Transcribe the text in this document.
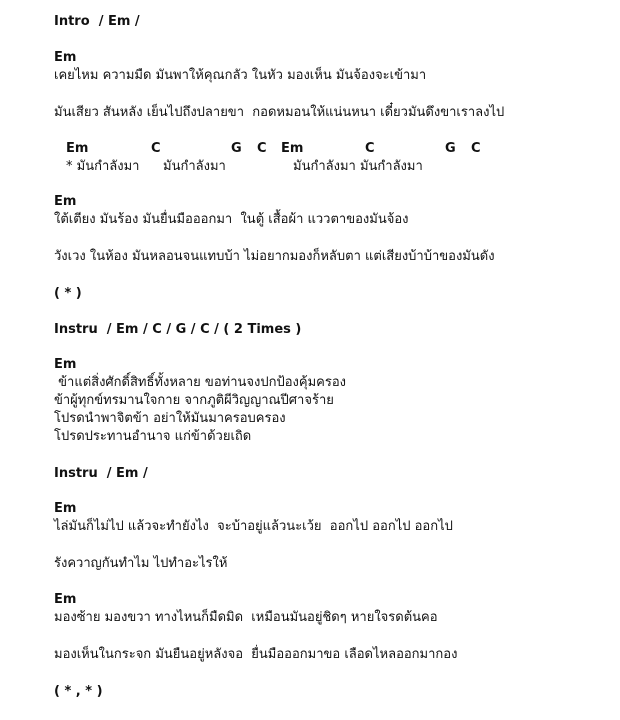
Intro  / Em /
Em
เคยไหม ความมืด มันพาให้คุณกลัว ในหัว มองเห็น มันจ้องจะเข้ามา
มันเสียว สันหลัง เย็นไปถึงปลายขา  กอดหมอนให้แน่นหนา เดี๋ยวมันดึงขาเราลงไป
Em	C	G C Em	C	G C
* มันกำลังมา มันกำลังมา	มันกำลังมา มันกำลังมา
Em
ใต้เตียง มันร้อง มันยื่นมือออกมา  ในตู้ เสื้อผ้า แววตาของมันจ้อง
วังเวง ในห้อง มันหลอนจนแทบบ้า ไม่อยากมองก็หลับตา แต่เสียงบ้าบ้าของมันดัง
( * )
Instru  / Em / C / G / C / ( 2 Times )
Em
ข้าแต่สิ่งศักดิ์สิทธิ์ทั้งหลาย ขอท่านจงปกป้องคุ้มครอง
ข้าผู้ทุกข์ทรมานใจกาย จากภูติผีวิญญาณปีศาจร้าย
โปรดนำพาจิตข้า อย่าให้มันมาครอบครอง
โปรดประทานอำนาจ แก่ข้าด้วยเถิด
Instru  / Em /
Em
ไล่มันก็ไม่ไป แล้วจะทำยังไง  จะบ้าอยู่แล้วนะเว้ย  ออกไป ออกไป ออกไป
รังควาญกันทำไม ไปทำอะไรให้
Em
มองซ้าย มองขวา ทางไหนก็มืดมิด  เหมือนมันอยู่ชิดๆ หายใจรดต้นคอ
มองเห็นในกระจก มันยืนอยู่หลังจอ  ยื่นมือออกมาขอ เลือดไหลออกมากอง
( * , * )
